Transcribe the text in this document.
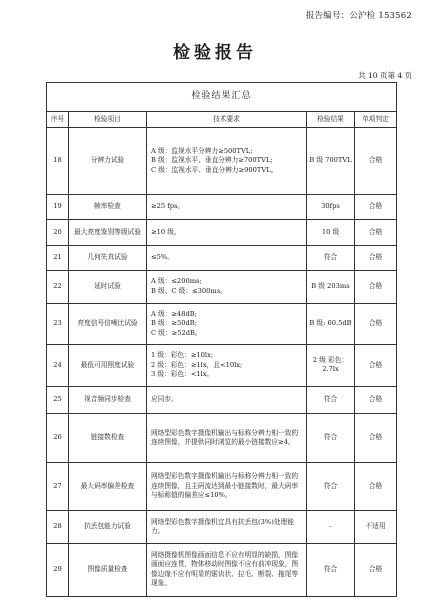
报告编号：公沪检 153562
检验报告
共 10 页第 4 页
检验结果汇总				
序号	检验项目	技术要求	检验结果	单项判定
18	分辨力试验	A 级：监视水平分辨力≥500TVL;
B 级：监视水平、垂直分辨力≥700TVL;
C 级：监视水平、垂直分辨力≥900TVL。	B 级 700TVL	合格
19	帧率检查	≥25 fps。	30fps	合格
20	最大亮度鉴别等级试验	≥10 级。	10 级	合格
21	几何失真试验	≤5%。	符合	合格
22	延时试验	A 级：≤200ms;
B 级、C 级：≤300ms。	B 级 203ms	合格
23	亮度信号信噪比试验	A 级：≥48dB;
B 级：≥50dB;
C 级：≥52dB。	B 级: 60.5dB	合格
24	最低可用照度试验	1 级：彩色：≥10lx;
2 级：彩色：≥1lx，且<10lx;
3 级：彩色：<1lx。	2 级 彩色：2.7lx	合格
25	视音频同步检查	应同步。	符合	合格
26	链接数检查	网络型彩色数字摄像机输出与标称分辨力相一致的连续图像，并提供同时浏览的最小链接数应≥4。	符合	合格
27	最大码率偏差检查	网络型彩色数字摄像机输出与标称分辨力相一致的连续图像，且主码流达到最小链接数时，最大码率与标称值的偏差应≤10%。	符合	合格
28	抗丢包能力试验	网络型彩色数字摄像机宜具有抗丢包(3%)处理能力。	-	不适用
29	图像质量检查	网络摄像机图像画面信息不应有明显的缺损，图像画面应连贯，物体移动时图像不应有前冲现象，图像边缘不应有明显的锯齿状、拉毛、断裂、拖尾等现象。	符合	合格
